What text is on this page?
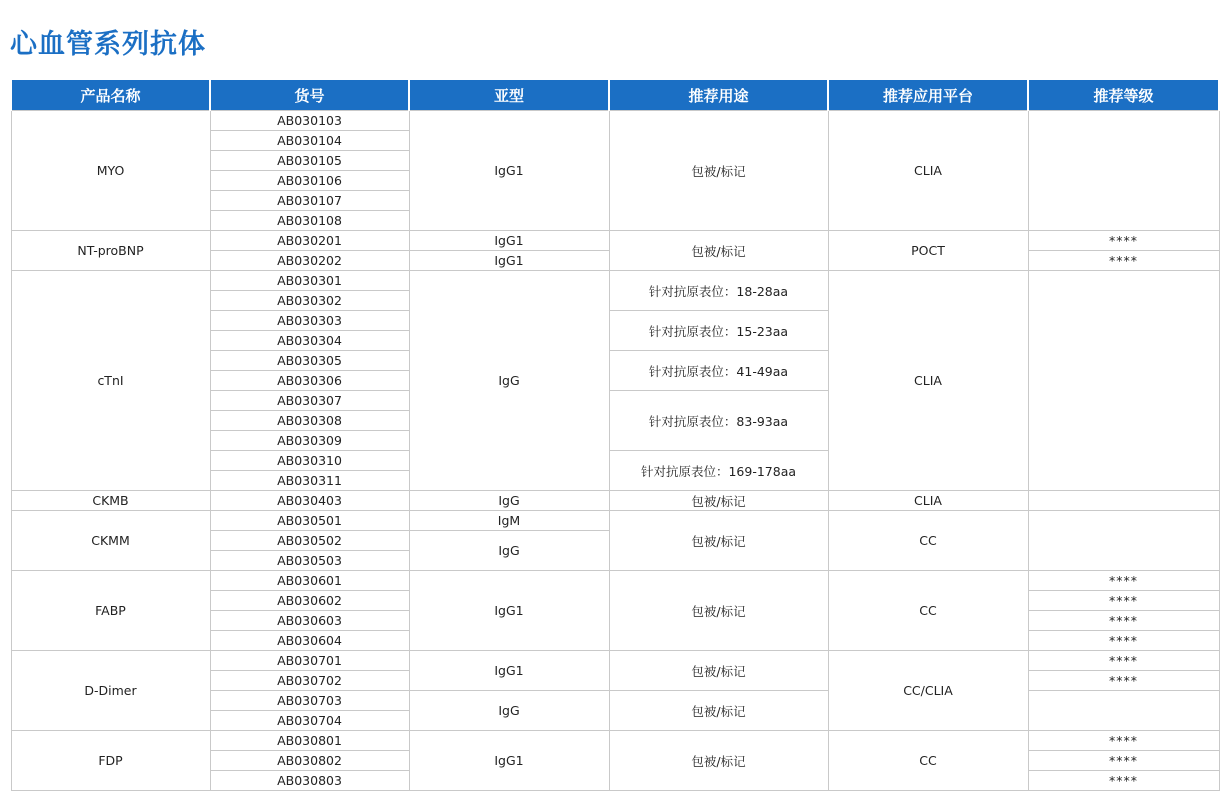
心血管系列抗体
产品名称	货号	亚型	推荐用途	推荐应用平台	推荐等级
MYO	AB030103	IgG1	包被/标记	CLIA	
	AB030104				
	AB030105				
	AB030106				
	AB030107				
	AB030108				
NT-proBNP	AB030201	IgG1	包被/标记	POCT	****
	AB030202	IgG1			****
cTnI	AB030301	IgG	针对抗原表位：18-28aa	CLIA	
	AB030302				
	AB030303		针对抗原表位：15-23aa		
	AB030304				
	AB030305		针对抗原表位：41-49aa		
	AB030306				
	AB030307		针对抗原表位：83-93aa		
	AB030308				
	AB030309				
	AB030310		针对抗原表位：169-178aa		
	AB030311				
CKMB	AB030403	IgG	包被/标记	CLIA	
CKMM	AB030501	IgM	包被/标记	CC	
	AB030502	IgG			
	AB030503				
FABP	AB030601	IgG1	包被/标记	CC	****
	AB030602				****
	AB030603				****
	AB030604				****
D-Dimer	AB030701	IgG1	包被/标记	CC/CLIA	****
	AB030702				****
	AB030703	IgG	包被/标记		
	AB030704				
FDP	AB030801	IgG1	包被/标记	CC	****
	AB030802				****
	AB030803				****
